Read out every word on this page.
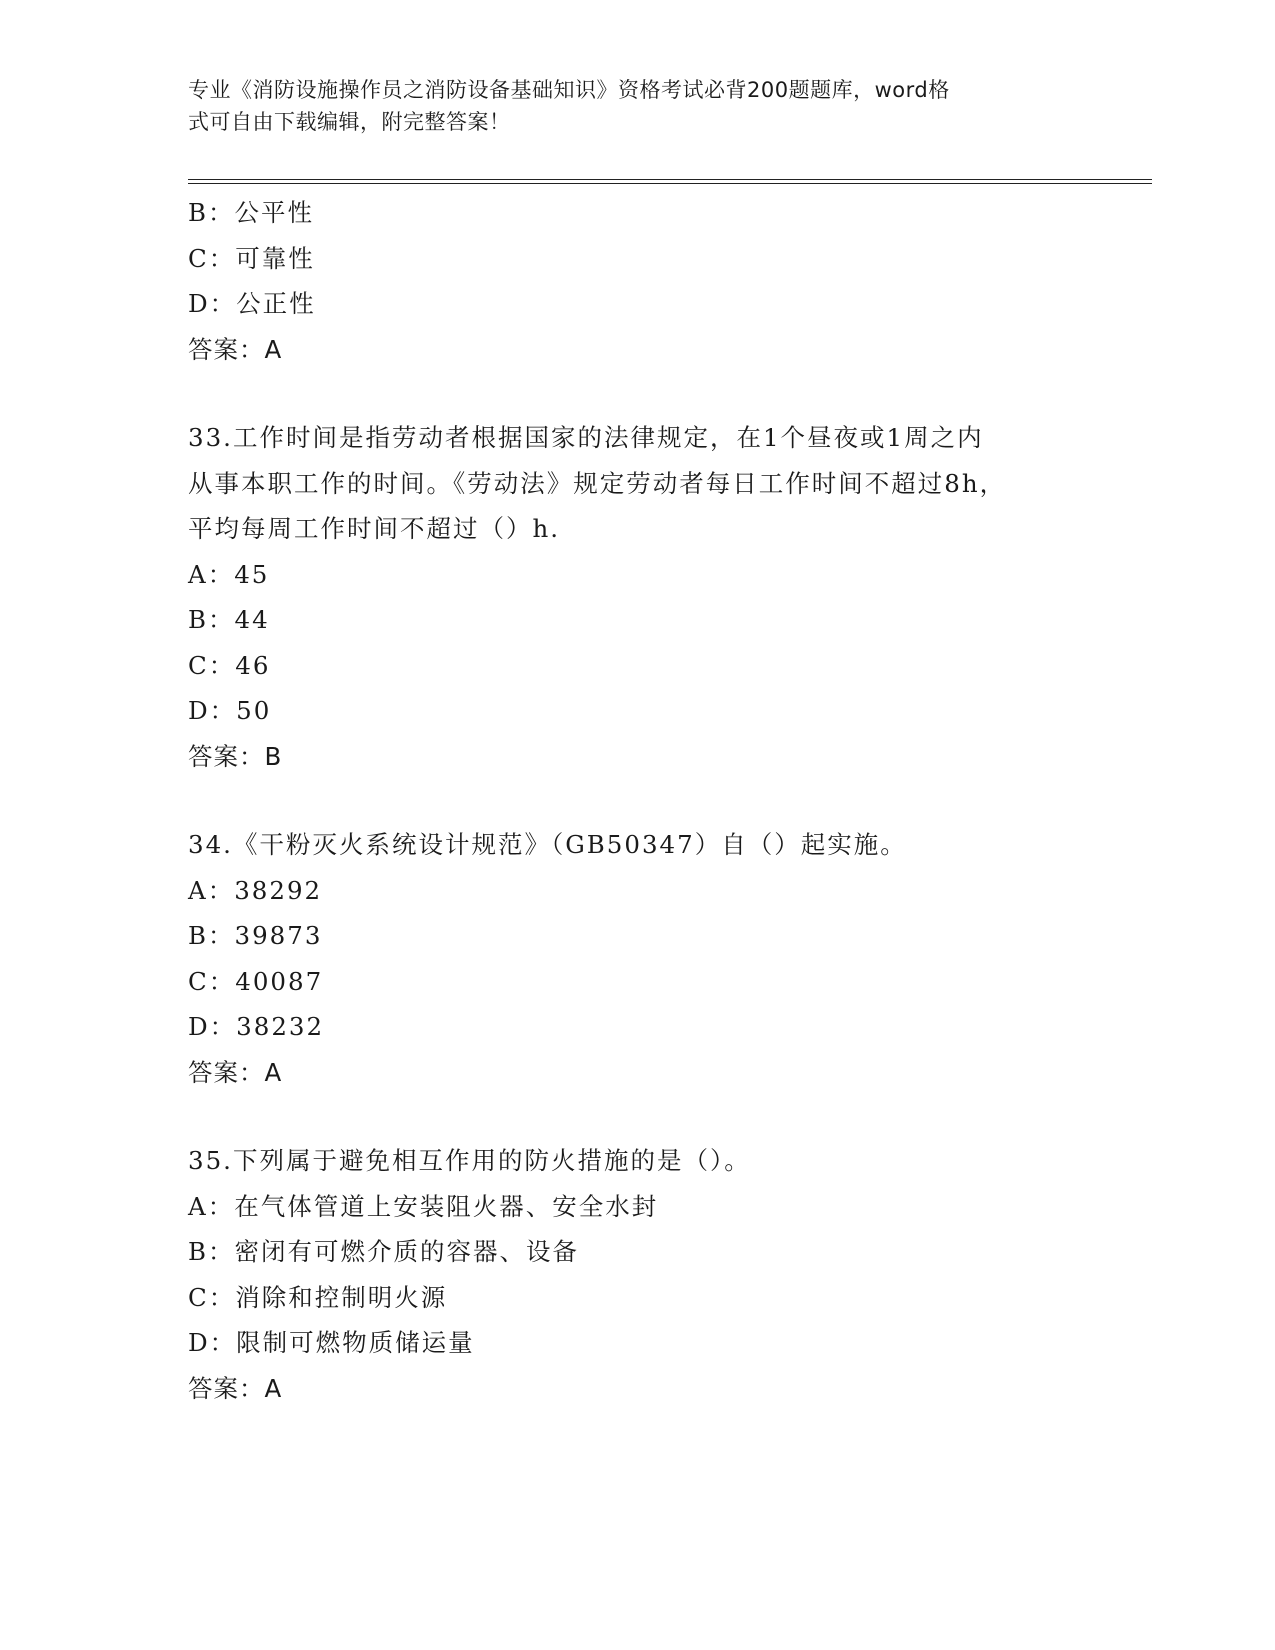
专业《消防设施操作员之消防设备基础知识》资格考试必背200题题库，word格
式可自由下载编辑，附完整答案！
B：公平性
C：可靠性
D：公正性
答案：A
33.工作时间是指劳动者根据国家的法律规定，在1个昼夜或1周之内
从事本职工作的时间。《劳动法》规定劳动者每日工作时间不超过8h，
平均每周工作时间不超过（）h.
A：45
B：44
C：46
D：50
答案：B
34.《干粉灭火系统设计规范》（GB50347）自（）起实施。
A：38292
B：39873
C：40087
D：38232
答案：A
35.下列属于避免相互作用的防火措施的是（）。
A：在气体管道上安装阻火器、安全水封
B：密闭有可燃介质的容器、设备
C：消除和控制明火源
D：限制可燃物质储运量
答案：A
